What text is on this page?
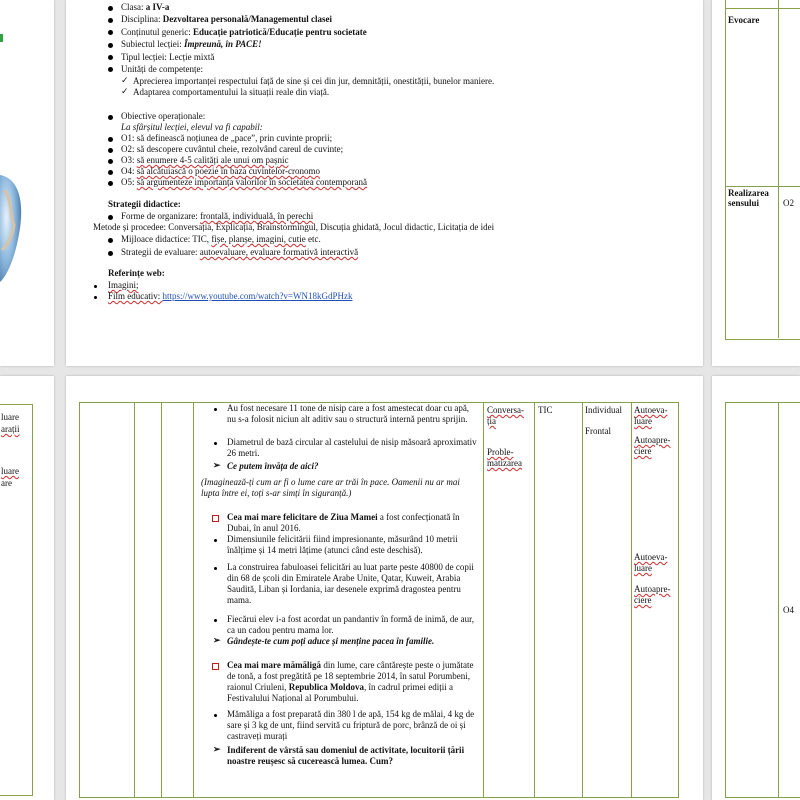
Clasa: a IV-a
Disciplina: Dezvoltarea personală/Managementul clasei
Conținutul generic: Educație patriotică/Educație pentru societate
Subiectul lecției: Împreună, în PACE!
Tipul lecției: Lecție mixtă
Unități de competențe:
✓ Aprecierea importanței respectului față de sine și cei din jur, demnității, onestității, bunelor maniere.
✓ Adaptarea comportamentului la situații reale din viață.
Obiective operaționale:
La sfârșitul lecției, elevul va fi capabil:
O1: să definească noțiunea de „pace”, prin cuvinte proprii;
O2: să descopere cuvântul cheie, rezolvând careul de cuvinte;
O3: să enumere 4-5 calități ale unui om pașnic
O4: să alcătuiască o poezie în baza cuvintelor-cronomo
O5: să argumenteze importanța valorilor în societatea contemporană
Strategii didactice:
Forme de organizare: frontală, individuală, în perechi
Metode și procedee: Conversația, Explicația, Brainstormingul, Discuția ghidată, Jocul didactic, Licitația de idei
Mijloace didactice: TIC, fișe, planșe, imagini, cutie etc.
Strategii de evaluare: autoevaluare, evaluare formativă interactivă
Referințe web:
Imagini;
Film educativ: https://www.youtube.com/watch?v=WN18kGdPHzk
Evocare
Realizarea sensului	O2
luare
arații
luare
are
Conversa-ția
Proble-matizarea
TIC	Individual
Frontal
Autoeva-luare
Autoapre-ciere
Autoeva-luare
Autoapre-ciere
Au fost necesare 11 tone de nisip care a fost amestecat doar cu apă, nu s-a folosit niciun alt aditiv sau o structură internă pentru sprijin.
Diametrul de bază circular al castelului de nisip măsoară aproximativ 26 metri.
➢ Ce putem învăța de aici?
(Imaginează-ți cum ar fi o lume care ar trăi în pace. Oamenii nu ar mai lupta între ei, toți s-ar simți în siguranță.)
Cea mai mare felicitare de Ziua Mamei a fost confecționată în Dubai, în anul 2016.
Dimensiunile felicitării fiind impresionante, măsurând 10 metrii înălțime și 14 metri lățime (atunci când este deschisă).
La construirea fabuloasei felicitări au luat parte peste 40800 de copii din 68 de școli din Emiratele Arabe Unite, Qatar, Kuweit, Arabia Saudită, Liban și Iordania, iar desenele exprimă dragostea pentru mama.
Fiecărui elev i-a fost acordat un pandantiv în formă de inimă, de aur, ca un cadou pentru mama lor.
➢ Gândește-te cum poți aduce și menține pacea în familie.
Cea mai mare mămăligă din lume, care cântărește peste o jumătate de tonă, a fost pregătită pe 18 septembrie 2014, în satul Porumbeni, raionul Criuleni, Republica Moldova, în cadrul primei ediții a Festivalului Național al Porumbului.
Mămăliga a fost preparată din 380 l de apă, 154 kg de mălai, 4 kg de sare și 3 kg de unt, fiind servită cu friptură de porc, brânză de oi și castraveți murați
➢ Indiferent de vârstă sau domeniul de activitate, locuitorii țării noastre reușesc să cucerească lumea. Cum?
O4
